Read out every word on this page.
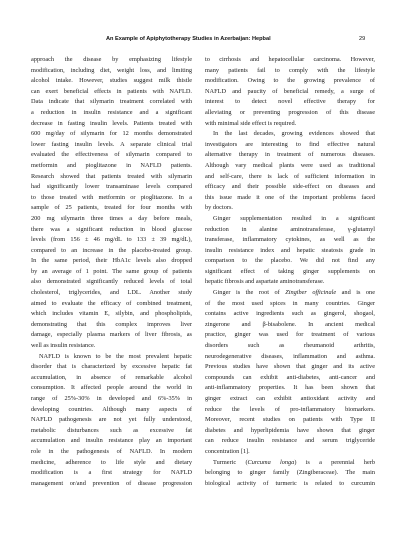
An Example of Apiphytotherapy Studies in Azerbaijan: Hepbal	29

approach the disease by emphasizing lifestyle
modification, including diet, weight loss, and limiting
alcohol intake. However, studies suggest milk thistle
can exert beneficial effects in patients with NAFLD.
Data indicate that silymarin treatment correlated with
a reduction in insulin resistance and a significant
decrease in fasting insulin levels. Patients treated with
600 mg/day of silymarin for 12 months demonstrated
lower fasting insulin levels. A separate clinical trial
evaluated the effectiveness of silymarin compared to
metformin and pioglitazone in NAFLD patients.
Research showed that patients treated with silymarin
had significantly lower transaminase levels compared
to those treated with metformin or pioglitazone. In a
sample of 25 patients, treated for four months with
200 mg silymarin three times a day before meals,
there was a significant reduction in blood glucose
levels (from 156 ± 46 mg/dL to 133 ± 39 mg/dL),
compared to an increase in the placebo-treated group.
In the same period, their HbA1c levels also dropped
by an average of 1 point. The same group of patients
also demonstrated significantly reduced levels of total
cholesterol, triglycerides, and LDL. Another study
aimed to evaluate the efficacy of combined treatment,
which includes vitamin E, silybin, and phospholipids,
demonstrating that this complex improves liver
damage, especially plasma markers of liver fibrosis, as
well as insulin resistance.

NAFLD is known to be the most prevalent hepatic
disorder that is characterized by excessive hepatic fat
accumulation, in absence of remarkable alcohol
consumption. It affected people around the world in
range of 25%-30% in developed and 6%-35% in
developing countries. Although many aspects of
NAFLD pathogenesis are not yet fully understood,
metabolic disturbances such as excessive fat
accumulation and insulin resistance play an important
role in the pathogenesis of NAFLD. In modern
medicine, adherence to life style and dietary
modification is a first strategy for NAFLD
management or/and prevention of disease progression

to cirrhosis and hepatocellular carcinoma. However,
many patients fail to comply with the lifestyle
modification. Owing to the growing prevalence of
NAFLD and paucity of beneficial remedy, a surge of
interest to detect novel effective therapy for
alleviating or preventing progression of this disease
with minimal side effect is required.

In the last decades, growing evidences showed that
investigators are interesting to find effective natural
alternative therapy in treatment of numerous diseases.
Although vary medical plants were used as traditional
and self-care, there is lack of sufficient information in
efficacy and their possible side-effect on diseases and
this issue made it one of the important problems faced
by doctors.

Ginger supplementation resulted in a significant
reduction in alanine aminotransferase, γ-glutamyl
transferase, inflammatory cytokines, as well as the
insulin resistance index and hepatic steatosis grade in
comparison to the placebo. We did not find any
significant effect of taking ginger supplements on
hepatic fibrosis and aspartate aminotransferase.

Ginger is the root of Zingiber officinale and is one
of the most used spices in many countries. Ginger
contains active ingredients such as gingerol, shogaol,
zingerone and β-bisabolene. In ancient medical
practice, ginger was used for treatment of various
disorders such as rheumanoid arthritis,
neurodegenerative diseases, inflammation and asthma.
Previous studies have shown that ginger and its active
compounds can exhibit anti-diabetes, anti-cancer and
anti-inflammatory properties. It has been shown that
ginger extract can exhibit antioxidant activity and
reduce the levels of pro-inflammatory biomarkers.
Moreover, recent studies on patients with Type II
diabetes and hyperlipidemia have shown that ginger
can reduce insulin resistance and serum triglyceride
concentration [1].

Turmeric (Curcuma longa) is a perennial herb
belonging to ginger family (Zingiberaceae). The main
biological activity of turmeric is related to curcumin
